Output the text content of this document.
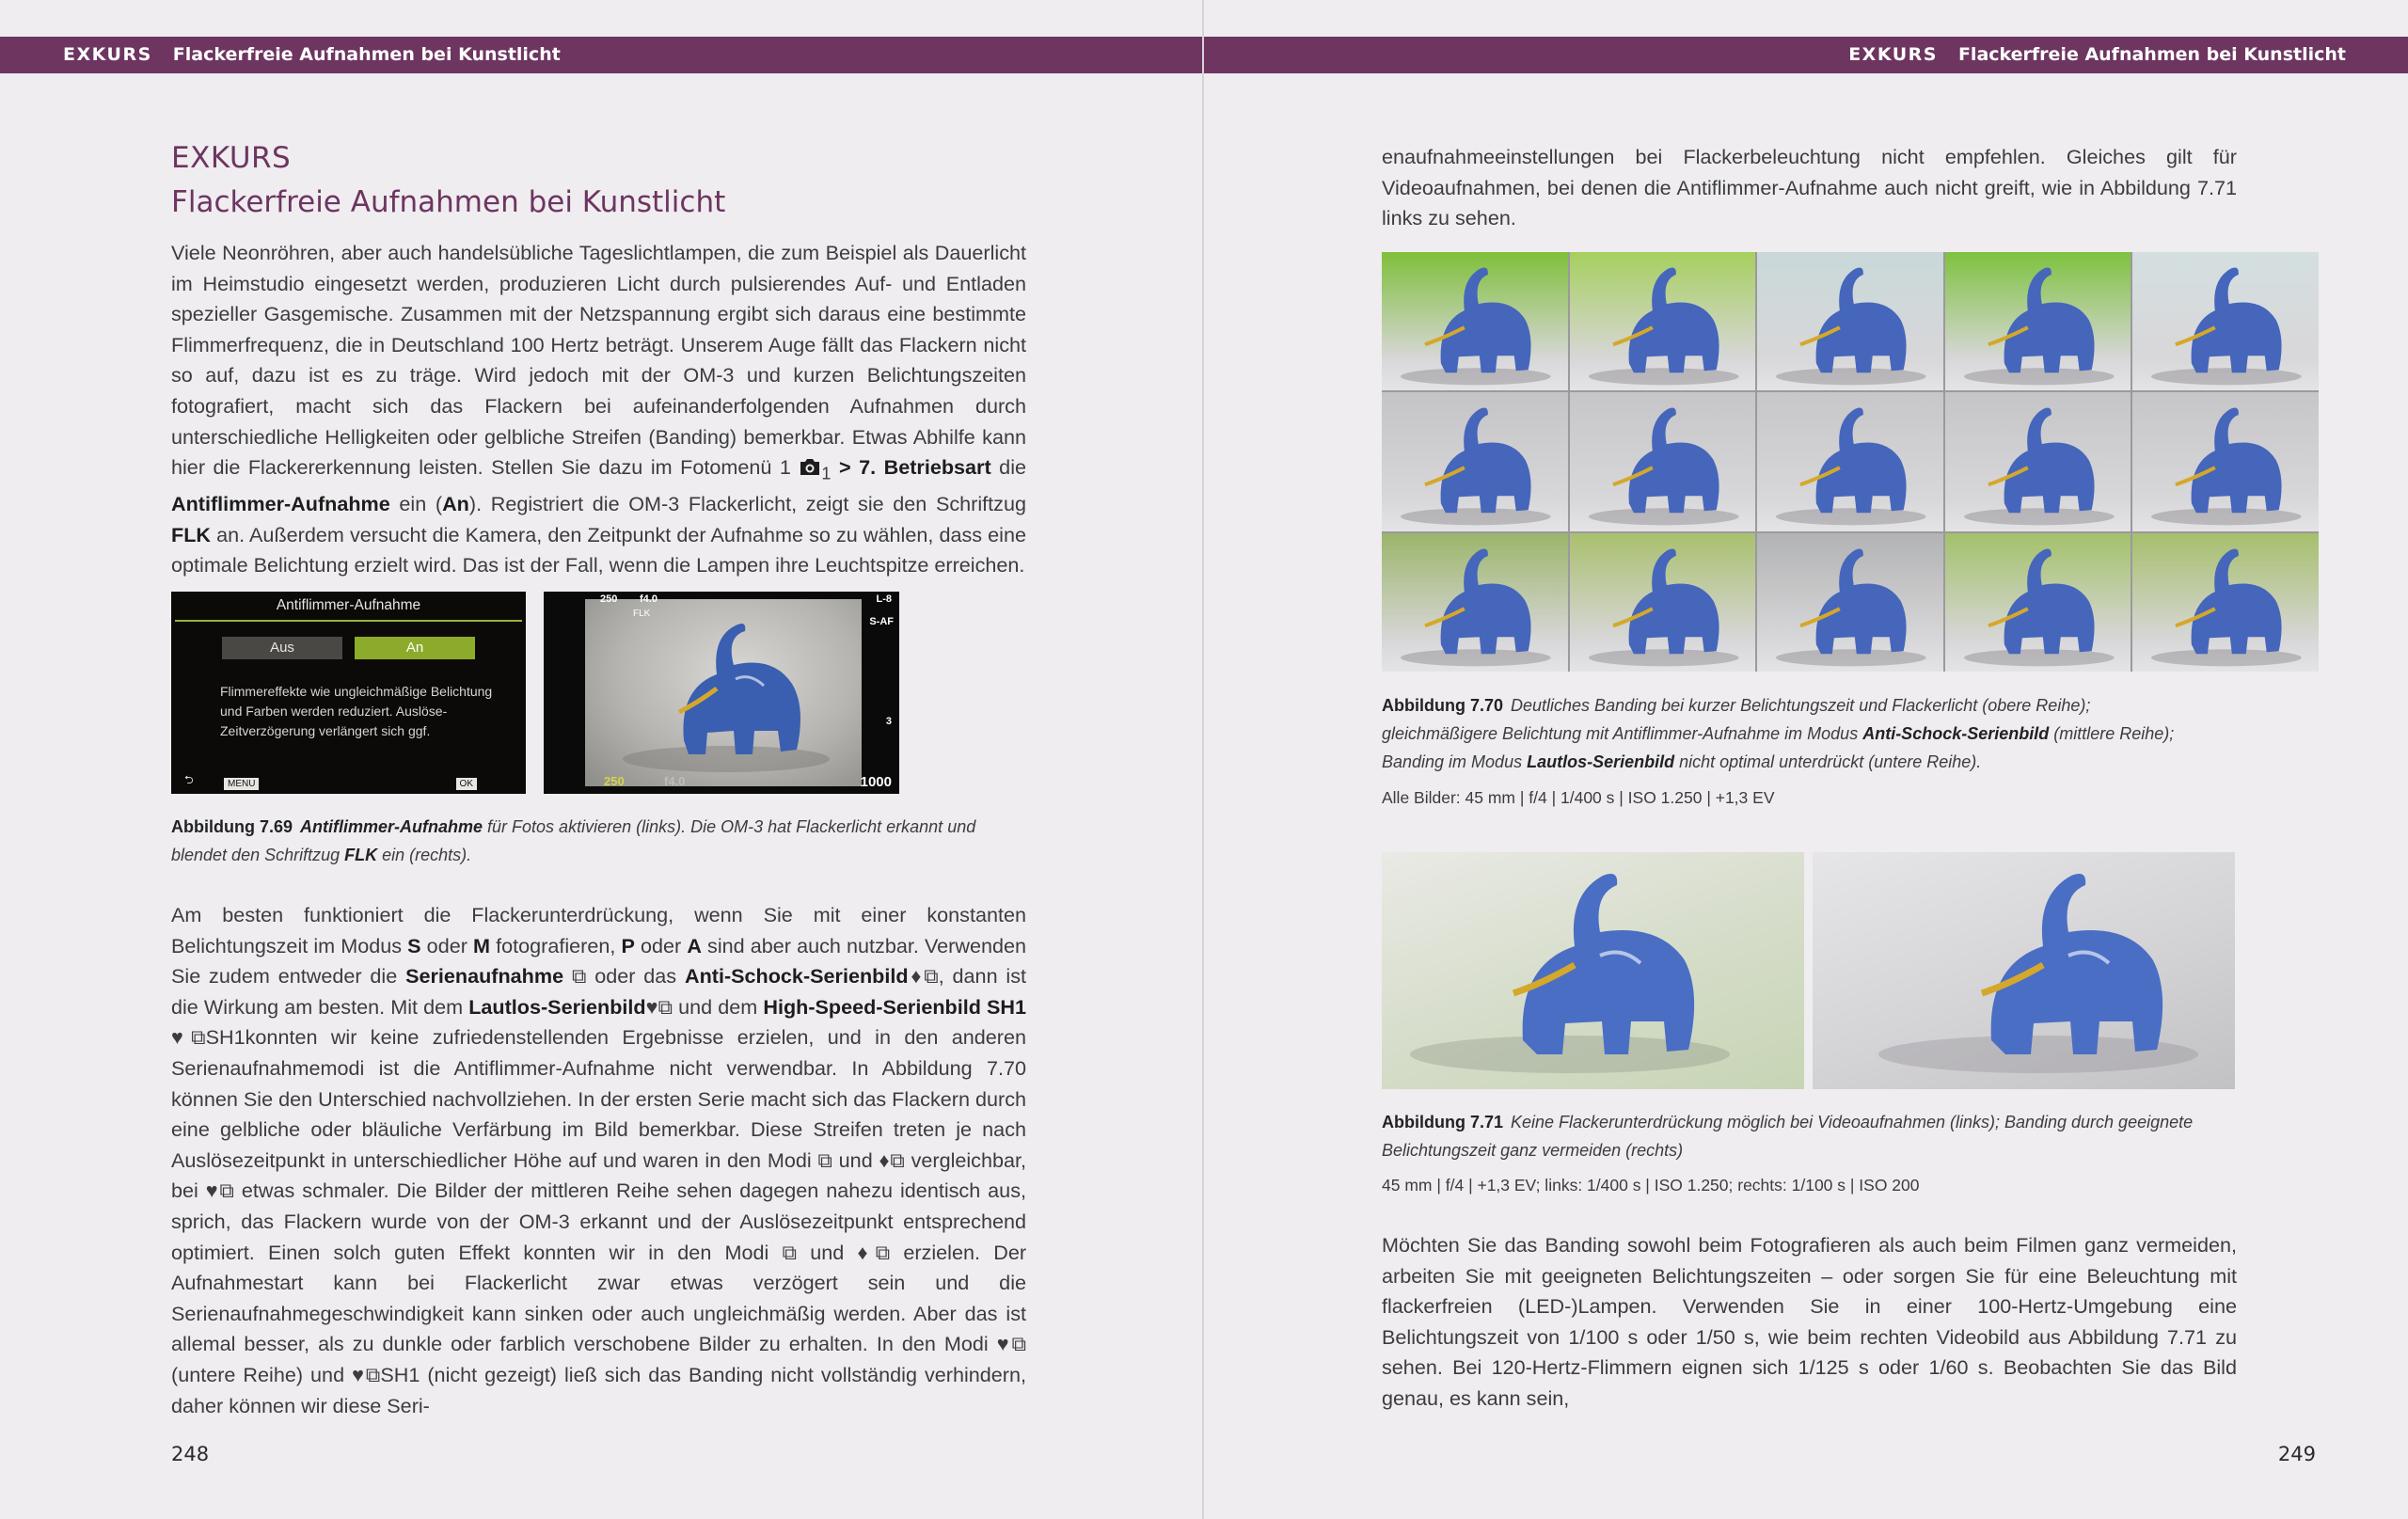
EXKURS Flackerfreie Aufnahmen bei Kunstlicht	EXKURS Flackerfreie Aufnahmen bei Kunstlicht
EXKURS
Flackerfreie Aufnahmen bei Kunstlicht

Viele Neonröhren, aber auch handelsübliche Tageslichtlampen, die zum Beispiel als Dauerlicht im Heimstudio eingesetzt werden, produzieren Licht durch pulsierendes Auf- und Entladen spezieller Gasgemische. Zusammen mit der Netzspannung ergibt sich daraus eine bestimmte Flimmerfrequenz, die in Deutschland 100 Hertz beträgt. Unserem Auge fällt das Flackern nicht so auf, dazu ist es zu träge. Wird jedoch mit der OM-3 und kurzen Belichtungszeiten fotografiert, macht sich das Flackern bei aufeinanderfolgenden Aufnahmen durch unterschiedliche Helligkeiten oder gelbliche Streifen (Banding) bemerkbar. Etwas Abhilfe kann hier die Flackererkennung leisten. Stellen Sie dazu im Fotomenü 1 $_1$ > 7. Betriebsart die Antiflimmer-Aufnahme ein (An). Registriert die OM-3 Flackerlicht, zeigt sie den Schriftzug FLK an. Außerdem versucht die Kamera, den Zeitpunkt der Aufnahme so zu wählen, dass eine optimale Belichtung erzielt wird. Das ist der Fall, wenn die Lampen ihre Leuchtspitze erreichen.

Antiflimmer-Aufnahme
Aus	An
Flimmereffekte wie ungleichmäßige Belichtung und Farben werden reduziert. Auslöse-Zeitverzögerung verlängert sich ggf.
⮌	MENU	OK
250 f4.0
FLK
L-8
S-AF
3
1000
250	f4.0

Abbildung 7.69 Antiflimmer-Aufnahme für Fotos aktivieren (links). Die OM-3 hat Flackerlicht erkannt und blendet den Schriftzug FLK ein (rechts).

Am besten funktioniert die Flackerunterdrückung, wenn Sie mit einer konstanten Belichtungszeit im Modus S oder M fotografieren, P oder A sind aber auch nutzbar. Verwenden Sie zudem entweder die Serienaufnahme ⧉ oder das Anti-Schock-Serienbild♦⧉, dann ist die Wirkung am besten. Mit dem Lautlos-Serienbild♥⧉ und dem High-Speed-Serienbild SH1 ♥⧉SH1konnten wir keine zufriedenstellenden Ergebnisse erzielen, und in den anderen Serienaufnahmemodi ist die Antiflimmer-Aufnahme nicht verwendbar. In Abbildung 7.70 können Sie den Unterschied nachvollziehen. In der ersten Serie macht sich das Flackern durch eine gelbliche oder bläuliche Verfärbung im Bild bemerkbar. Diese Streifen treten je nach Auslösezeitpunkt in unterschiedlicher Höhe auf und waren in den Modi ⧉ und ♦⧉ vergleichbar, bei ♥⧉ etwas schmaler. Die Bilder der mittleren Reihe sehen dagegen nahezu identisch aus, sprich, das Flackern wurde von der OM-3 erkannt und der Auslösezeitpunkt entsprechend optimiert. Einen solch guten Effekt konnten wir in den Modi ⧉ und ♦⧉ erzielen. Der Aufnahmestart kann bei Flackerlicht zwar etwas verzögert sein und die Serienaufnahmegeschwindigkeit kann sinken oder auch ungleichmäßig werden. Aber das ist allemal besser, als zu dunkle oder farblich verschobene Bilder zu erhalten. In den Modi ♥⧉ (untere Reihe) und ♥⧉SH1 (nicht gezeigt) ließ sich das Banding nicht vollständig verhindern, daher können wir diese Seri-

248

enaufnahmeeinstellungen bei Flackerbeleuchtung nicht empfehlen. Gleiches gilt für Videoaufnahmen, bei denen die Antiflimmer-Aufnahme auch nicht greift, wie in Abbildung 7.71 links zu sehen.

Abbildung 7.70 Deutliches Banding bei kurzer Belichtungszeit und Flackerlicht (obere Reihe); gleichmäßigere Belichtung mit Antiflimmer-Aufnahme im Modus Anti-Schock-Serienbild (mittlere Reihe); Banding im Modus Lautlos-Serienbild nicht optimal unterdrückt (untere Reihe).

Alle Bilder: 45 mm | f/4 | 1/400 s | ISO 1.250 | +1,3 EV

Abbildung 7.71 Keine Flackerunterdrückung möglich bei Videoaufnahmen (links); Banding durch geeignete Belichtungszeit ganz vermeiden (rechts)

45 mm | f/4 | +1,3 EV; links: 1/400 s | ISO 1.250; rechts: 1/100 s | ISO 200

Möchten Sie das Banding sowohl beim Fotografieren als auch beim Filmen ganz vermeiden, arbeiten Sie mit geeigneten Belichtungszeiten – oder sorgen Sie für eine Beleuchtung mit flackerfreien (LED-)Lampen. Verwenden Sie in einer 100-Hertz-Umgebung eine Belichtungszeit von 1/100 s oder 1/50 s, wie beim rechten Videobild aus Abbildung 7.71 zu sehen. Bei 120-Hertz-Flimmern eignen sich 1/125 s oder 1/60 s. Beobachten Sie das Bild genau, es kann sein,

249
